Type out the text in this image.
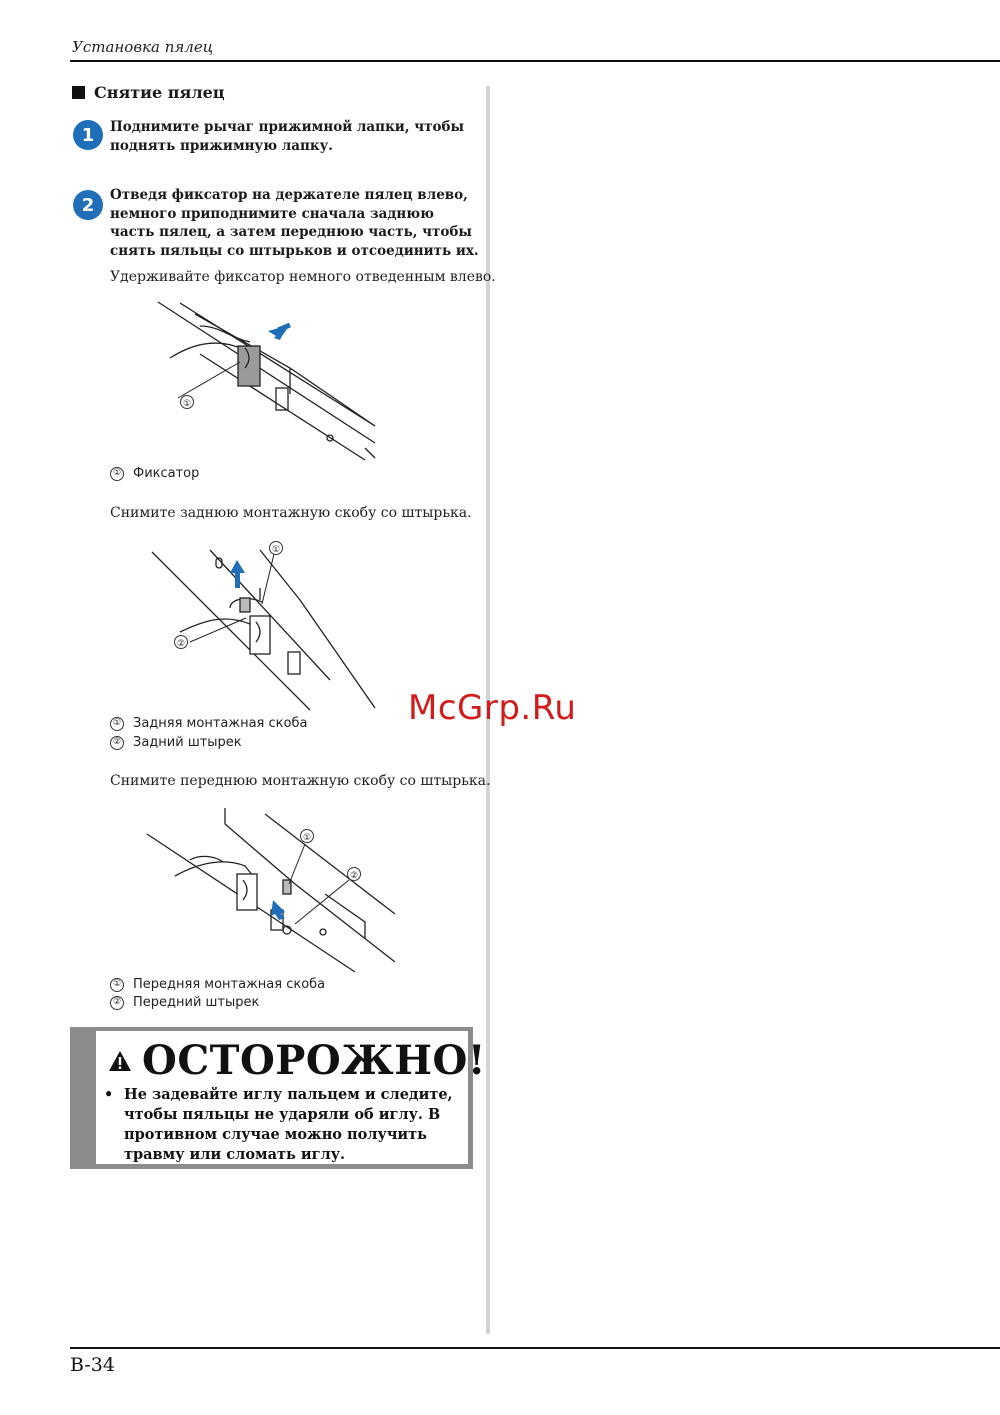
Установка пялец
Снятие пялец
1	Поднимите рычаг прижимной лапки, чтобы поднять прижимную лапку.
2	Отведя фиксатор на держателе пялец влево, немного приподнимите сначала заднюю часть пялец, а затем переднюю часть, чтобы снять пяльцы со штырьков и отсоединить их.
Удерживайте фиксатор немного отведенным влево.
①
① Фиксатор
Снимите заднюю монтажную скобу со штырька.
①
②
① Задняя монтажная скоба
② Задний штырек
Снимите переднюю монтажную скобу со штырька.
①
②
① Передняя монтажная скоба
② Передний штырек
ОСТОРОЖНО!
• Не задевайте иглу пальцем и следите, чтобы пяльцы не ударяли об иглу. В противном случае можно получить травму или сломать иглу.
B-34
McGrp.Ru
